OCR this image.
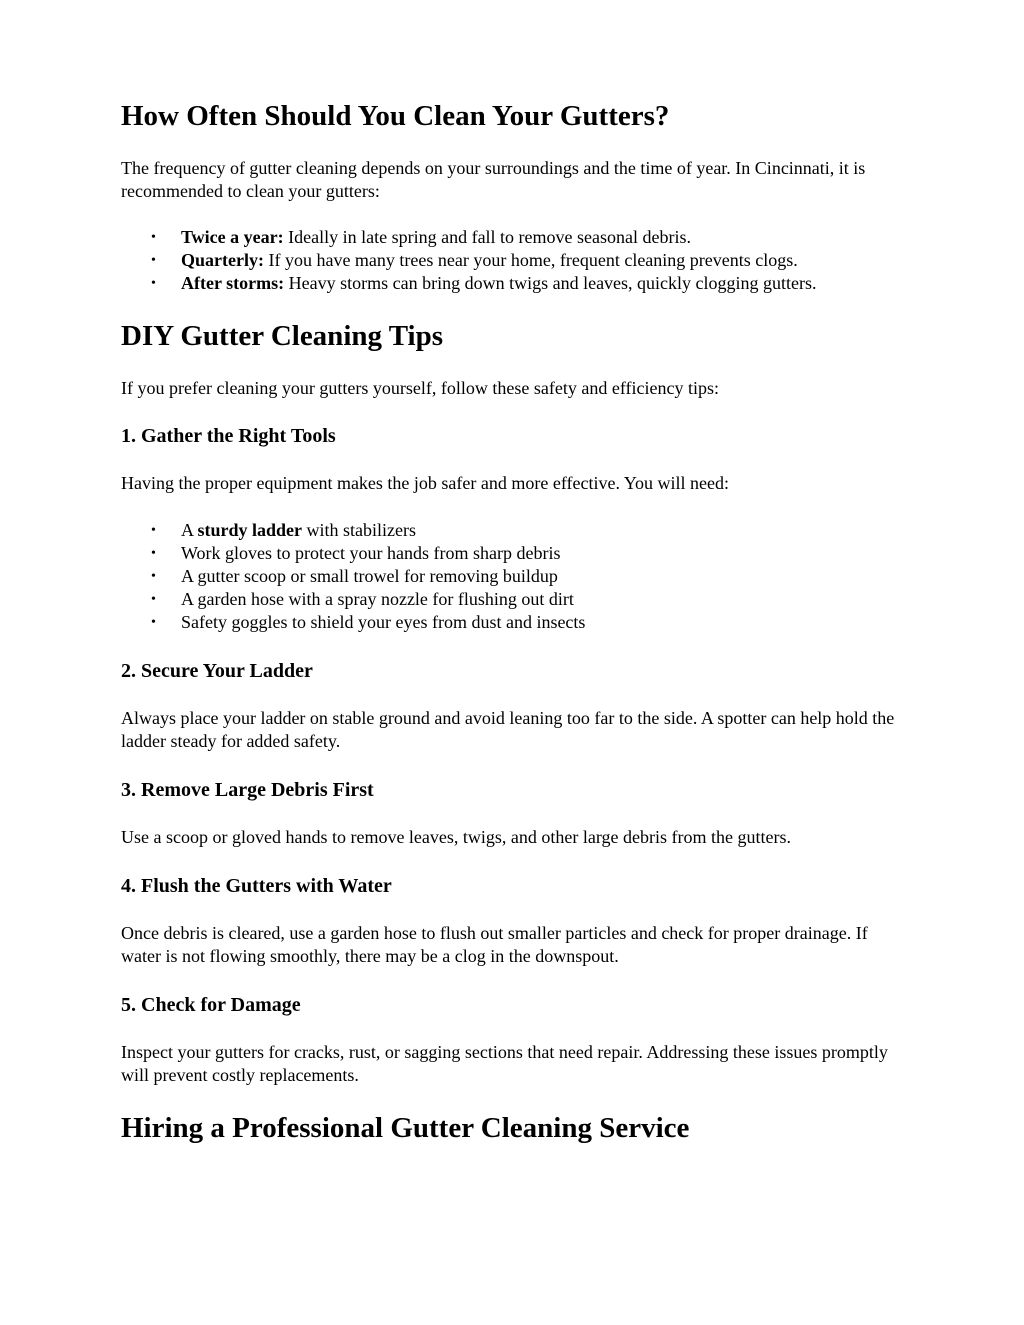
How Often Should You Clean Your Gutters?

The frequency of gutter cleaning depends on your surroundings and the time of year. In Cincinnati, it is recommended to clean your gutters:

• Twice a year: Ideally in late spring and fall to remove seasonal debris.
• Quarterly: If you have many trees near your home, frequent cleaning prevents clogs.
• After storms: Heavy storms can bring down twigs and leaves, quickly clogging gutters.
DIY Gutter Cleaning Tips

If you prefer cleaning your gutters yourself, follow these safety and efficiency tips:

1. Gather the Right Tools

Having the proper equipment makes the job safer and more effective. You will need:

• A sturdy ladder with stabilizers
• Work gloves to protect your hands from sharp debris
• A gutter scoop or small trowel for removing buildup
• A garden hose with a spray nozzle for flushing out dirt
• Safety goggles to shield your eyes from dust and insects
2. Secure Your Ladder

Always place your ladder on stable ground and avoid leaning too far to the side. A spotter can help hold the ladder steady for added safety.

3. Remove Large Debris First

Use a scoop or gloved hands to remove leaves, twigs, and other large debris from the gutters.

4. Flush the Gutters with Water

Once debris is cleared, use a garden hose to flush out smaller particles and check for proper drainage. If water is not flowing smoothly, there may be a clog in the downspout.

5. Check for Damage

Inspect your gutters for cracks, rust, or sagging sections that need repair. Addressing these issues promptly will prevent costly replacements.

Hiring a Professional Gutter Cleaning Service
